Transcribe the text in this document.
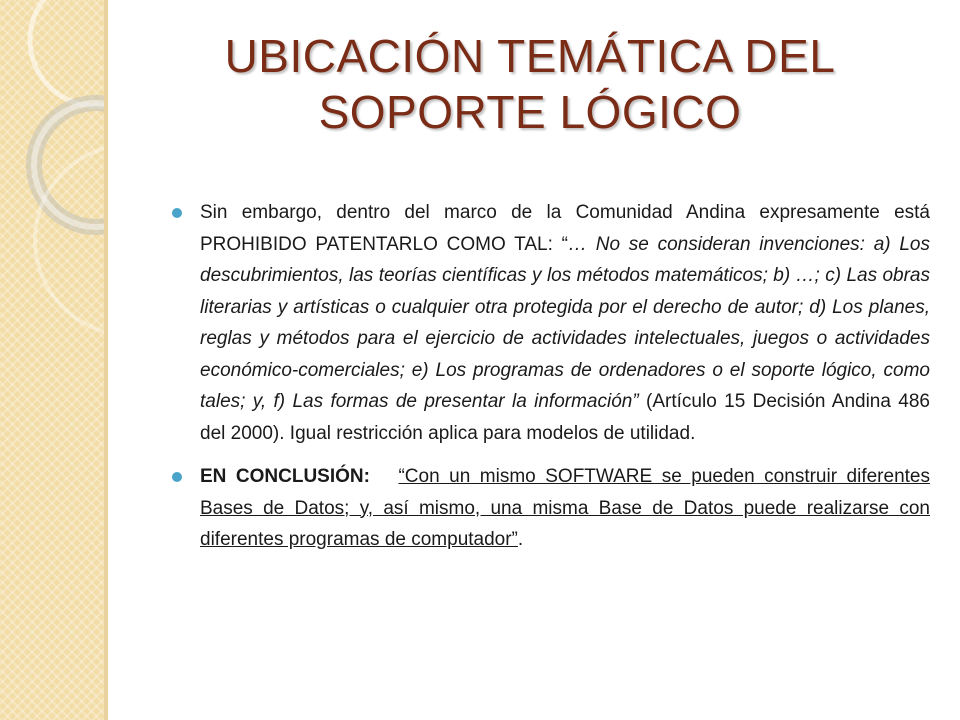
UBICACIÓN TEMÁTICA DEL
SOPORTE LÓGICO
Sin embargo, dentro del marco de la Comunidad Andina expresamente está PROHIBIDO PATENTARLO COMO TAL: “… No se consideran invenciones: a) Los descubrimientos, las teorías científicas y los métodos matemáticos; b) …; c) Las obras literarias y artísticas o cualquier otra protegida por el derecho de autor; d) Los planes, reglas y métodos para el ejercicio de actividades intelectuales, juegos o actividades económico-comerciales; e) Los programas de ordenadores o el soporte lógico, como tales; y, f) Las formas de presentar la información” (Artículo 15 Decisión Andina 486 del 2000). Igual restricción aplica para modelos de utilidad.
EN CONCLUSIÓN: “Con un mismo SOFTWARE se pueden construir diferentes Bases de Datos; y, así mismo, una misma Base de Datos puede realizarse con diferentes programas de computador”.
